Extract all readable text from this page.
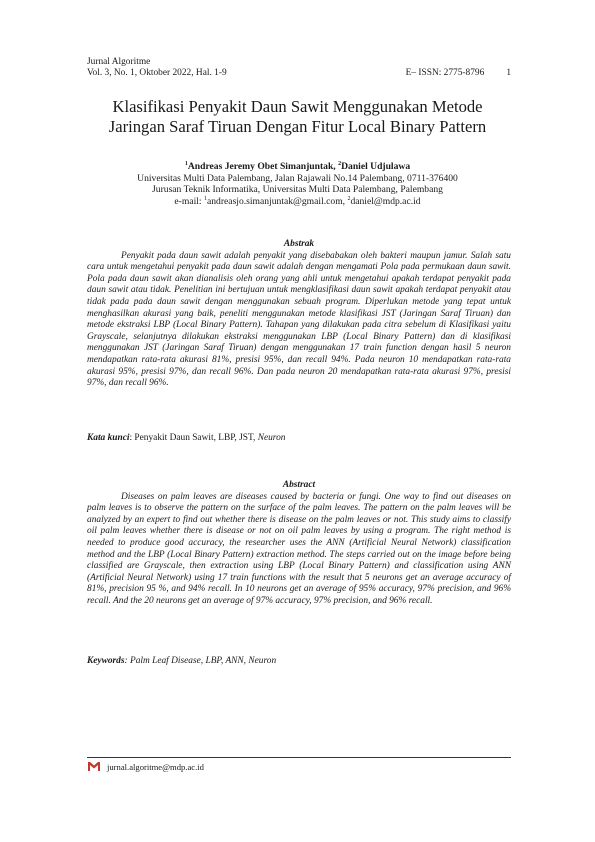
Jurnal Algoritme
Vol. 3, No. 1, Oktober 2022, Hal. 1-9	E– ISSN: 2775-8796 1
Klasifikasi Penyakit Daun Sawit Menggunakan Metode
Jaringan Saraf Tiruan Dengan Fitur Local Binary Pattern
$^1$Andreas Jeremy Obet Simanjuntak, $^2$Daniel Udjulawa
Universitas Multi Data Palembang, Jalan Rajawali No.14 Palembang, 0711-376400
Jurusan Teknik Informatika, Universitas Multi Data Palembang, Palembang
e-mail: $^1$andreasjo.simanjuntak@gmail.com, $^2$daniel@mdp.ac.id
Abstrak
Penyakit pada daun sawit adalah penyakit yang disebabakan oleh bakteri maupun jamur. Salah satu cara untuk mengetahui penyakit pada daun sawit adalah dengan mengamati Pola pada permukaan daun sawit. Pola pada daun sawit akan dianalisis oleh orang yang ahli untuk mengetahui apakah terdapat penyakit pada daun sawit atau tidak. Penelitian ini bertujuan untuk mengklasifikasi daun sawit apakah terdapat penyakit atau tidak pada pada daun sawit dengan menggunakan sebuah program. Diperlukan metode yang tepat untuk menghasilkan akurasi yang baik, peneliti menggunakan metode klasifikasi JST (Jaringan Saraf Tiruan) dan metode ekstraksi LBP (Local Binary Pattern). Tahapan yang dilakukan pada citra sebelum di Klasifikasi yaitu Grayscale, selanjutnya dilakukan ekstraksi menggunakan LBP (Local Binary Pattern) dan di klasifikasi menggunakan JST (Jaringan Saraf Tiruan) dengan menggunakan 17 train function dengan hasil 5 neuron mendapatkan rata-rata akurasi 81%, presisi 95%, dan recall 94%. Pada neuron 10 mendapatkan rata-rata akurasi 95%, presisi 97%, dan recall 96%. Dan pada neuron 20 mendapatkan rata-rata akurasi 97%, presisi 97%, dan recall 96%.
Kata kunci: Penyakit Daun Sawit, LBP, JST, Neuron
Abstract
Diseases on palm leaves are diseases caused by bacteria or fungi. One way to find out diseases on palm leaves is to observe the pattern on the surface of the palm leaves. The pattern on the palm leaves will be analyzed by an expert to find out whether there is disease on the palm leaves or not. This study aims to classify oil palm leaves whether there is disease or not on oil palm leaves by using a program. The right method is needed to produce good accuracy, the researcher uses the ANN (Artificial Neural Network) classification method and the LBP (Local Binary Pattern) extraction method. The steps carried out on the image before being classified are Grayscale, then extraction using LBP (Local Binary Pattern) and classification using ANN (Artificial Neural Network) using 17 train functions with the result that 5 neurons get an average accuracy of 81%, precision 95 %, and 94% recall. In 10 neurons get an average of 95% accuracy, 97% precision, and 96% recall. And the 20 neurons get an average of 97% accuracy, 97% precision, and 96% recall.
Keywords: Palm Leaf Disease, LBP, ANN, Neuron
jurnal.algoritme@mdp.ac.id
